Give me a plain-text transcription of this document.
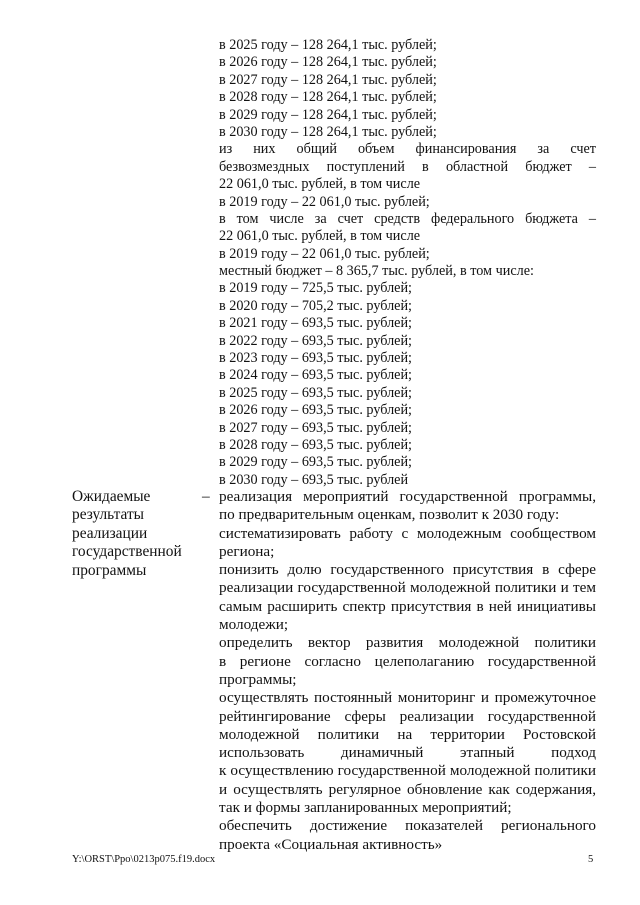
в 2025 году – 128 264,1 тыс. рублей;
в 2026 году – 128 264,1 тыс. рублей;
в 2027 году – 128 264,1 тыс. рублей;
в 2028 году – 128 264,1 тыс. рублей;
в 2029 году – 128 264,1 тыс. рублей;
в 2030 году – 128 264,1 тыс. рублей;
из них общий объем финансирования за счет
безвозмездных поступлений в областной бюджет –
22 061,0 тыс. рублей, в том числе
в 2019 году – 22 061,0 тыс. рублей;
в том числе за счет средств федерального бюджета –
22 061,0 тыс. рублей, в том числе
в 2019 году – 22 061,0 тыс. рублей;
местный бюджет – 8 365,7 тыс. рублей, в том числе:
в 2019 году – 725,5 тыс. рублей;
в 2020 году – 705,2 тыс. рублей;
в 2021 году – 693,5 тыс. рублей;
в 2022 году – 693,5 тыс. рублей;
в 2023 году – 693,5 тыс. рублей;
в 2024 году – 693,5 тыс. рублей;
в 2025 году – 693,5 тыс. рублей;
в 2026 году – 693,5 тыс. рублей;
в 2027 году – 693,5 тыс. рублей;
в 2028 году – 693,5 тыс. рублей;
в 2029 году – 693,5 тыс. рублей;
в 2030 году – 693,5 тыс. рублей
Ожидаемые
результаты
реализации
государственной
программы
– реализация мероприятий государственной программы,
по предварительным оценкам, позволит к 2030 году:
систематизировать работу с молодежным сообществом
региона;
понизить долю государственного присутствия в сфере
реализации государственной молодежной политики и тем
самым расширить спектр присутствия в ней инициативы
молодежи;
определить вектор развития молодежной политики
в регионе согласно целеполаганию государственной
программы;
осуществлять постоянный мониторинг и промежуточное
рейтингирование сферы реализации государственной
молодежной политики на территории Ростовской
использовать динамичный этапный подход
к осуществлению государственной молодежной политики
и осуществлять регулярное обновление как содержания,
так и формы запланированных мероприятий;
обеспечить достижение показателей регионального
проекта «Социальная активность»
Y:\ORST\Ppo\0213p075.f19.docx	5
